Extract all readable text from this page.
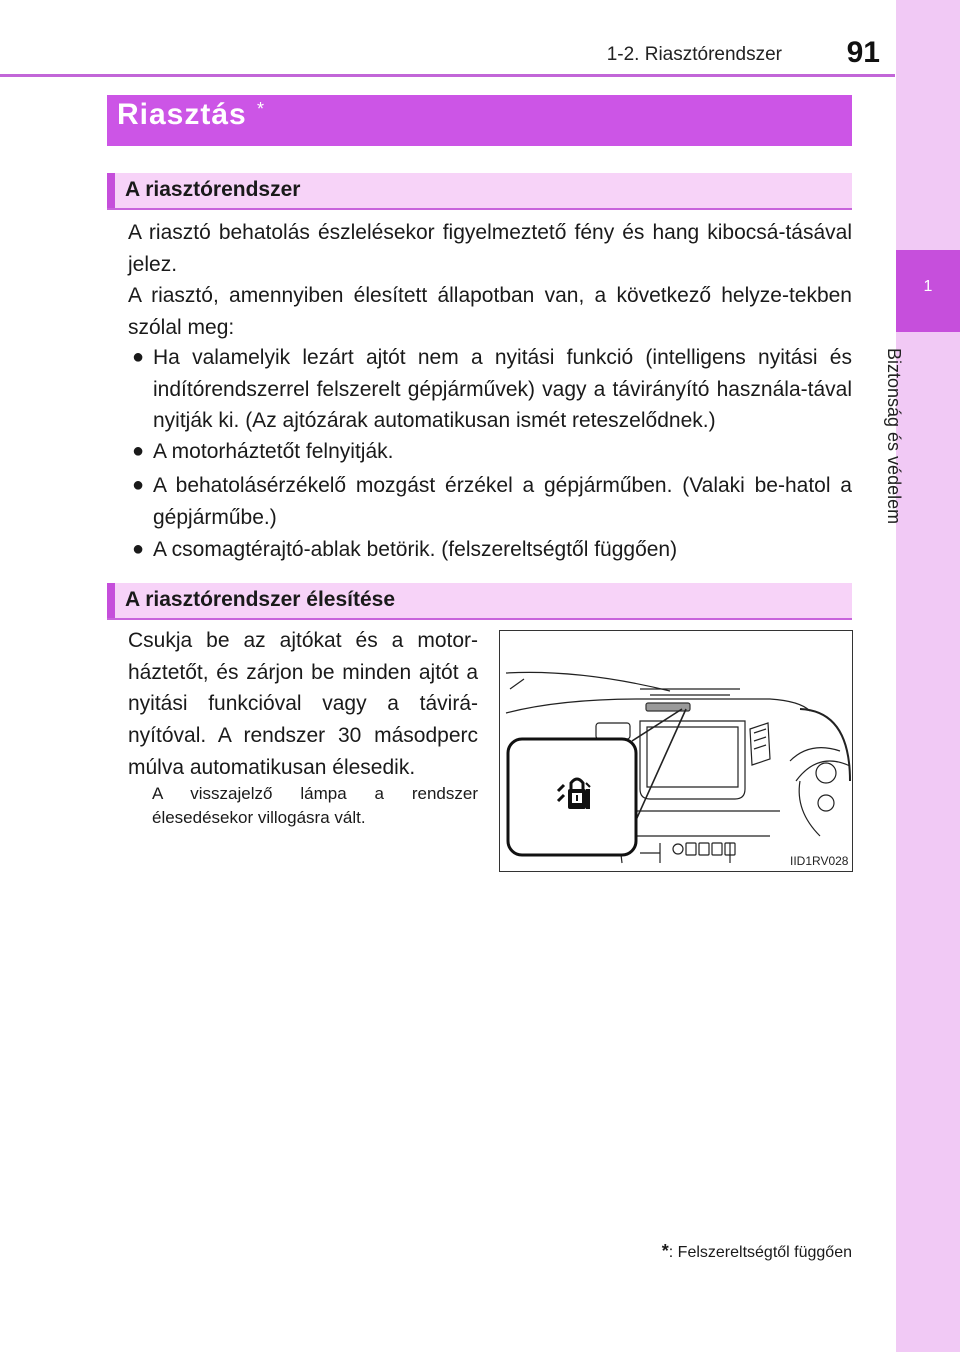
1-2. Riasztórendszer	91
1
Biztonság és védelem
Riasztás *
A riasztórendszer
A riasztó behatolás észlelésekor figyelmeztető fény és hang kibocsá-tásával jelez.
A riasztó, amennyiben élesített állapotban van, a következő helyze-tekben szólal meg:
● Ha valamelyik lezárt ajtót nem a nyitási funkció (intelligens nyitási és indítórendszerrel felszerelt gépjárművek) vagy a távirányító használa-tával nyitják ki. (Az ajtózárak automatikusan ismét reteszelődnek.)
● A motorháztetőt felnyitják.
● A behatolásérzékelő mozgást érzékel a gépjárműben. (Valaki be-hatol a gépjárműbe.)
● A csomagtérajtó-ablak betörik. (felszereltségtől függően)
A riasztórendszer élesítése
Csukja be az ajtókat és a motor-háztetőt, és zárjon be minden ajtót a nyitási funkcióval vagy a távirá-nyítóval. A rendszer 30 másodperc múlva automatikusan élesedik.
A visszajelző lámpa a rendszer élesedésekor villogásra vált.
IID1RV028
*: Felszereltségtől függően
